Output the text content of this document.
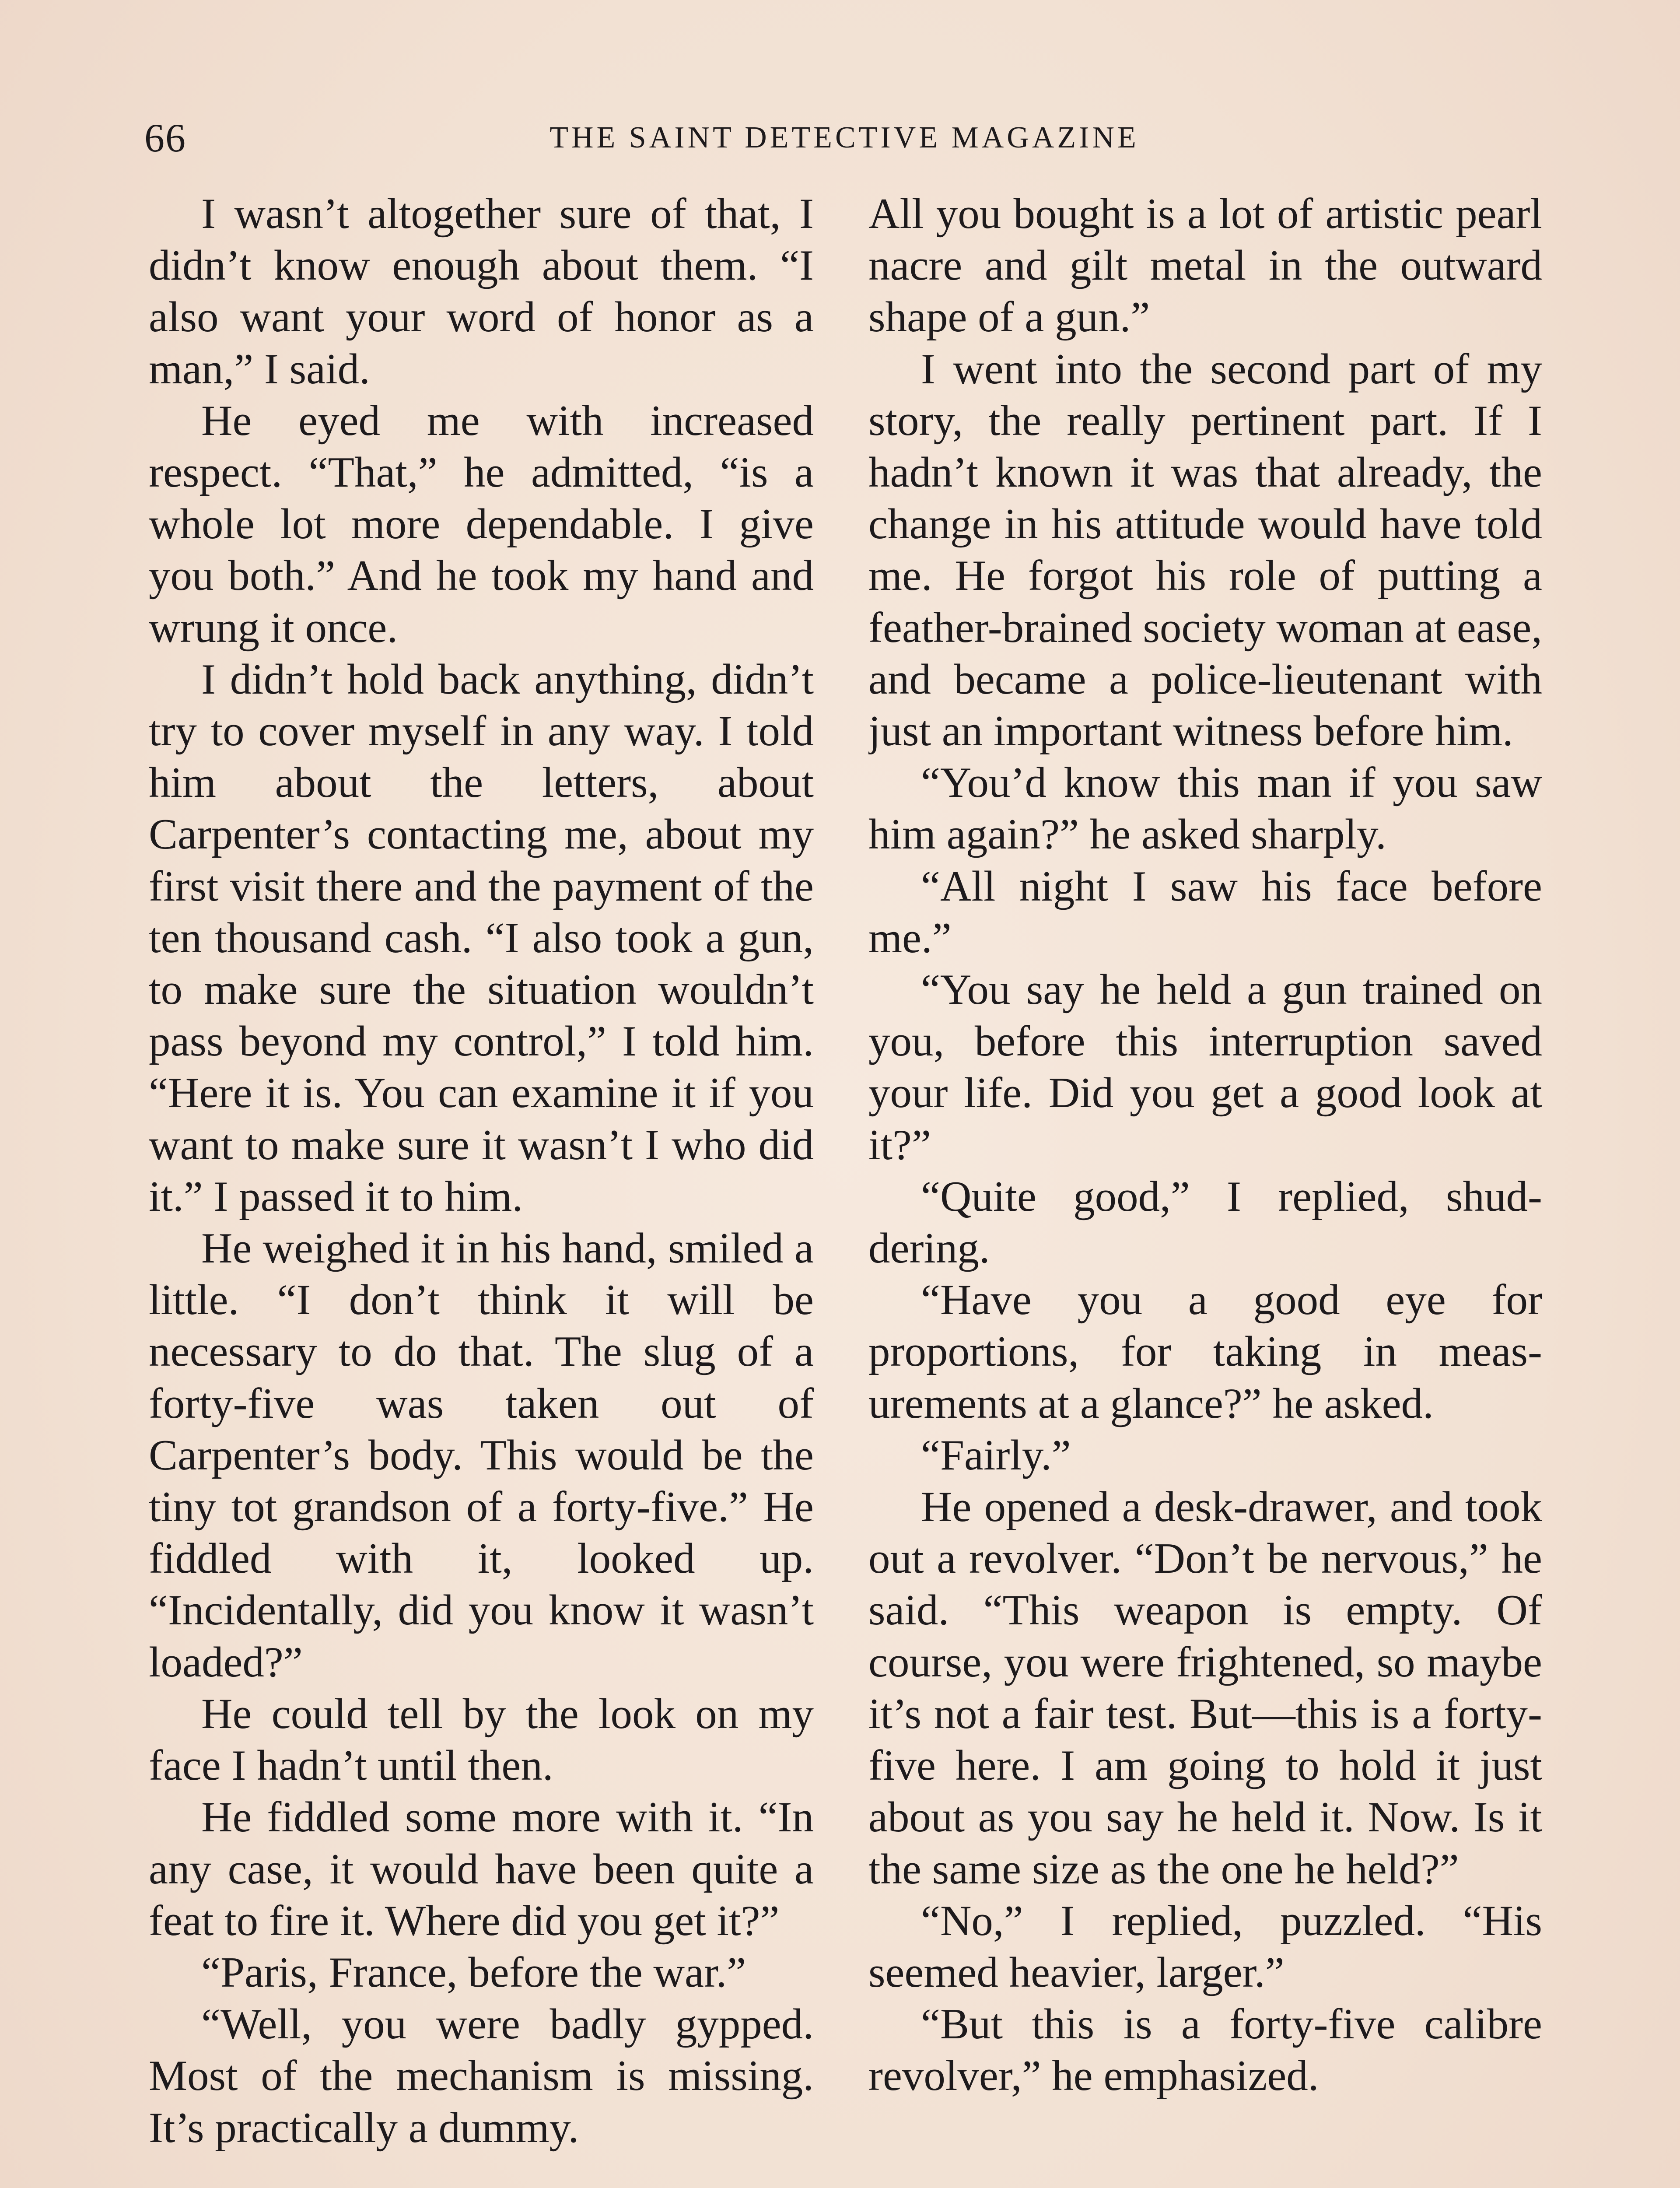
66	THE SAINT DETECTIVE MAGAZINE

I wasn’t altogether sure of that, I didn’t know enough about them. “I also want your word of honor as a man,” I said.

He eyed me with increased respect. “That,” he admitted, “is a whole lot more dependable. I give you both.” And he took my hand and wrung it once.

I didn’t hold back anything, didn’t try to cover myself in any way. I told him about the letters, about Carpenter’s contacting me, about my first visit there and the payment of the ten thousand cash. “I also took a gun, to make sure the situation wouldn’t pass beyond my control,” I told him. “Here it is. You can examine it if you want to make sure it wasn’t I who did it.” I passed it to him.

He weighed it in his hand, smiled a little. “I don’t think it will be necessary to do that. The slug of a forty-five was taken out of Carpenter’s body. This would be the tiny tot grandson of a forty-five.” He fiddled with it, looked up. “Incidentally, did you know it wasn’t loaded?”

He could tell by the look on my face I hadn’t until then.

He fiddled some more with it. “In any case, it would have been quite a feat to fire it. Where did you get it?”

“Paris, France, before the war.”

“Well, you were badly gypped. Most of the mechanism is missing. It’s practically a dummy.

All you bought is a lot of artistic pearl nacre and gilt metal in the outward shape of a gun.”

I went into the second part of my story, the really pertinent part. If I hadn’t known it was that already, the change in his attitude would have told me. He forgot his role of putting a feather-brained society woman at ease, and became a police-lieutenant with just an important witness before him.

“You’d know this man if you saw him again?” he asked sharply.

“All night I saw his face before me.”

“You say he held a gun trained on you, before this interruption saved your life. Did you get a good look at it?”

“Quite good,” I replied, shuddering.

“Have you a good eye for proportions, for taking in measurements at a glance?” he asked.

“Fairly.”

He opened a desk-drawer, and took out a revolver. “Don’t be nervous,” he said. “This weapon is empty. Of course, you were frightened, so maybe it’s not a fair test. But—this is a forty-five here. I am going to hold it just about as you say he held it. Now. Is it the same size as the one he held?”

“No,” I replied, puzzled. “His seemed heavier, larger.”

“But this is a forty-five calibre revolver,” he emphasized.
